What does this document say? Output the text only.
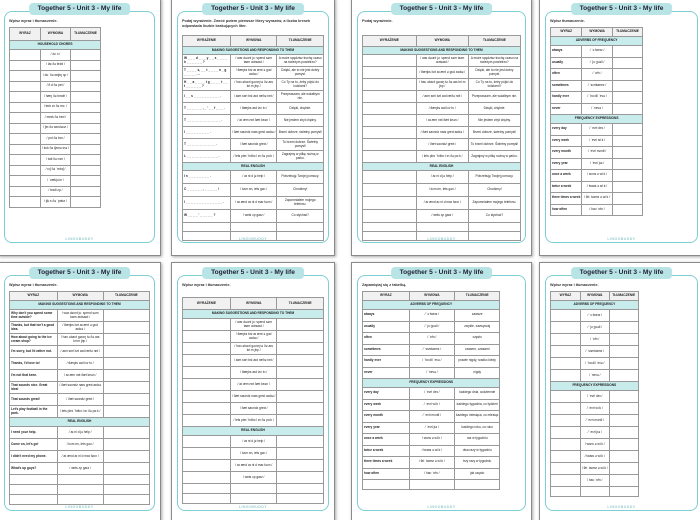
Together 5 - Unit 3 - My life
Wpisz wyraz i tłumaczenie.
WYRAZ	WYMOWA	TŁUMACZENIE
HOUSEHOLD CHORES		
	/ dʌ n /	
	/ laɪ ðə teɪbl /	
	/ duː ðə wɒʃɪŋ ʌp /	
	/ fiːd ðə pet /	
	/ hæŋ ðə lɒndri /	
	/ teɪk ɪn ðə mɔː /	
	/ meɪk ðə bed /	
	/ ʃeɪ ðə wɪndəʊz /	
	/ pʊt ðə bɪn /	
	/ kʊk ðə tʃʌmə ɪnə /	
	/ tɪdi ðə rʊm /	
	/ rʌʃ ðə ˈrɒbɪʃ /	
	/ ˈvækjuːm /	
	/ tɒɪdi ʌp /	
	/ tʃuːs ðə ˈpɒtɪz /	
LINGOBUDDY
Together 5 - Unit 3 - My life
Podaj wyrażenie. Zwróć potem pierwsze litery wyrazów, a liczba kresek odpowiada liczbie brakujących liter.
WYRAŻENIE	WYMOWA	TŁUMACZENIE
MAKING SUGGESTIONS AND RESPONDING TO THEM		
W _ _ _ d _ _ _ y _ _ s _ _ _ _ h _ _ _ _ _ _ ?	/ waɪ dəʊnt juː spend səm taɪm aʊtsaɪd /	A może spędzisz trochę czasu na świeżym powietrzu?
T _ _ _ _ s, _ _ t _ _ _ _ n _ g _ _ _ _ _ ...	/ θæŋks bʌt aɪ ænt ə gʊd aɪdɪə /	Dzięki, ale to nie jest dobry pomysł.
H _ _ a _ _ _ _ t g _ _ _ _ t _ _ t _ _ _ _ _ _ ?	/ haʊ əbaʊt gəʊɪŋ tə ðə aɪs kriːm ʃɒp /	Co Ty na to, żeby pójść do lodziarni?
I _ _ s _ _ _ _ _ _ _ _ _ _ .	/ aɪm sɒri bʌt aɪd ræðə nɒt /	Przepraszam, ale wolałbym nie.
T _ _ _ _ _ _ , _ ' _ _ f _ _ _ .	/ θæŋks aɪd lʌv tʊ /	Dzięki, chętnie.
T _ _ _ _ _ _ _ _ _ _ _ _ _ .	/ aɪ æm nɒt ðæt keən /	Nie jestem zbyt chętny.
I _ _ _ _ _ _ _ _ _ .	/ ðæt saʊndz naɪs greɪt aɪdɪə /	Brzmi dobrze, świetny pomysł!
T _ _ _ _ _ _ _ _ _ _ _ .	/ ðæt saʊndz greɪt /	To brzmi dobrze. Świetny pomysł!
L _ _ _ _ _ _ _ _ _ _ _ _ .	/ lets pleɪ ˈfʊtbɔːl ɪn ðə pɑːk /	Zagrajmy w piłkę nożną w parku.
REAL ENGLISH		
I n _ _ _ _ _ _ _ _ .	/ aɪ niːd jə help /	Potrzebuję Twojej pomocy.
C _ _ _ _ _ _ , _ _ _ _ _ !	/ kʌm ɒn, lets gəʊ /	Chodźmy!
I _ _ _ _ _ _ _ _ _ _ _ _ _ _ .	/ aɪ ænd aɪ niːd maɪ fəʊn /	Zapomniałem mojego telefonu.
W _ _ _ _ ' _ _ _ _ _ ?	/ wɒts ʌp gaɪz /	Co słychać?

LINGOBUDDY
Together 5 - Unit 3 - My life
Podaj wyrażenie.
WYRAŻENIE	WYMOWA	TŁUMACZENIE
MAKING SUGGESTIONS AND RESPONDING TO THEM		
	/ waɪ dəʊnt juː spend səm taɪm aʊtsaɪd /	A może spędzisz trochę czasu na świeżym powietrzu?
	/ θæŋks bʌt aɪ ænt ə gʊd aɪdɪə /	Dzięki, ale to nie jest dobry pomysł.
	/ haʊ əbaʊt gəʊɪŋ tə ðə aɪs kriːm ʃɒp /	Co Ty na to, żeby pójść do lodziarni?
	/ aɪm sɒri bʌt aɪd ræðə nɒt /	Przepraszam, ale wolałbym nie.
	/ θæŋks aɪd lʌv tʊ /	Dzięki, chętnie.
	/ aɪ æm nɒt ðæt keən /	Nie jestem zbyt chętny.
	/ ðæt saʊndz naɪs greɪt aɪdɪə /	Brzmi dobrze, świetny pomysł!
	/ ðæt saʊndz greɪt /	To brzmi dobrze. Świetny pomysł!
	/ lets pleɪ ˈfʊtbɔːl ɪn ðə pɑːk /	Zagrajmy w piłkę nożną w parku.
REAL ENGLISH		
	/ aɪ niːd jə help /	Potrzebuję Twojej pomocy.
	/ kʌm ɒn, lets gəʊ /	Chodźmy!
	/ aɪ ænd aɪ niːd maɪ fəʊn /	Zapomniałem mojego telefonu.
	/ wɒts ʌp gaɪz /	Co słychać?

LINGOBUDDY
Together 5 - Unit 3 - My life
Wpisz tłumaczenie.
WYRAZ	WYMOWA	TŁUMACZENIE
ADVERBS OF FREQUENCY		
always	/ ˈɔːlweɪz /	
usually	/ ˈjuːʒuəli /	
often	/ ˈɒfn /	
sometimes	/ ˈsʌmtaɪmz /	
hardly ever	/ ˈhɑːdli ˈevə /	
never	/ ˈnevə /	
FREQUENCY EXPRESSIONS		
every day	/ ˈevri deɪ /	
every week	/ ˈevri wiːk /	
every month	/ ˈevri mʌnθ /	
every year	/ ˈevri jɪə /	
once a week	/ wʌns ə wiːk /	
twice a week	/ twaɪs ə wiːk /	
three times a week	/ θriː taɪmz ə wiːk /	
how often	/ haʊ ˈɒfn /	
LINGOBUDDY
Together 5 - Unit 3 - My life
Wpisz wyraz i tłumaczenie.
WYRAZ	WYMOWA	TŁUMACZENIE
MAKING SUGGESTIONS AND RESPONDING TO THEM		
Why don't you spend some time outside?	/ waɪ dəʊnt juː spend səm taɪm aʊtsaɪd /	
Thanks, but that isn't a good idea.	/ θæŋks bʌt aɪ ænt ə gʊd aɪdɪə /	
How about going to the ice cream shop?	/ haʊ əbaʊt gəʊɪŋ tə ðə aɪs kriːm ʃɒp /	
I'm sorry, but I'd rather not.	/ aɪm sɒri bʌt aɪd ræðə nɒt /	
Thanks, I'd love to!	/ θæŋks aɪd lʌv tʊ /	
I'm not that keen.	/ aɪ æm nɒt ðæt keən /	
That sounds nice. Great idea!	/ ðæt saʊndz naɪs greɪt aɪdɪə /	
That sounds great!	/ ðæt saʊndz greɪt /	
Let's play football in the park.	/ lets pleɪ ˈfʊtbɔːl ɪn ðə pɑːk /	
REAL ENGLISH		
I need your help.	/ aɪ niːd jə help /	
Come on, let's go!	/ kʌm ɒn, lets gəʊ /	
I didn't need my phone.	/ aɪ ænd aɪ niːd maɪ fəʊn /	
What's up guys?	/ wɒts ʌp gaɪz /	

LINGOBUDDY
Together 5 - Unit 3 - My life
Wpisz wyraz i tłumaczenie.
WYRAŻENIE	WYMOWA	TŁUMACZENIE
MAKING SUGGESTIONS AND RESPONDING TO THEM		
	/ waɪ dəʊnt juː spend səm taɪm aʊtsaɪd /	
	/ θæŋks bʌt aɪ ænt ə gʊd aɪdɪə /	
	/ haʊ əbaʊt gəʊɪŋ tə ðə aɪs kriːm ʃɒp /	
	/ aɪm sɒri bʌt aɪd ræðə nɒt /	
	/ θæŋks aɪd lʌv tʊ /	
	/ aɪ æm nɒt ðæt keən /	
	/ ðæt saʊndz naɪs greɪt aɪdɪə /	
	/ ðæt saʊndz greɪt /	
	/ lets pleɪ ˈfʊtbɔːl ɪn ðə pɑːk /	
REAL ENGLISH		
	/ aɪ niːd jə help /	
	/ kʌm ɒn, lets gəʊ /	
	/ aɪ ænd aɪ niːd maɪ fəʊn /	
	/ wɒts ʌp gaɪz /	

LINGOBUDDY
Together 5 - Unit 3 - My life
Zapamiętaj się z tabelką.
WYRAZ	WYMOWA	TŁUMACZENIE
ADVERBS OF FREQUENCY		
always	/ ˈɔːlweɪz /	zawsze
usually	/ ˈjuːʒuəli /	zwykle, zazwyczaj
often	/ ˈɒfn /	często
sometimes	/ ˈsʌmtaɪmz /	czasem, czasami
hardly ever	/ ˈhɑːdli ˈevə /	prawie nigdy, rzadko kiedy
never	/ ˈnevə /	nigdy
FREQUENCY EXPRESSIONS		
every day	/ ˈevri deɪ /	każdego dnia, codziennie
every week	/ ˈevri wiːk /	każdego tygodnia, co tydzień
every month	/ ˈevri mʌnθ /	każdego miesiąca, co miesiąc
every year	/ ˈevri jɪə /	każdego roku, co roku
once a week	/ wʌns ə wiːk /	raz w tygodniu
twice a week	/ twaɪs ə wiːk /	dwa razy w tygodniu
three times a week	/ θriː taɪmz ə wiːk /	trzy razy w tygodniu
how often	/ haʊ ˈɒfn /	jak często

LINGOBUDDY
Together 5 - Unit 3 - My life
Wpisz wyraz i tłumaczenie.
WYRAZ	WYMOWA	TŁUMACZENIE
ADVERBS OF FREQUENCY		
	/ ˈɔːlweɪz /	
	/ ˈjuːʒuəli /	
	/ ˈɒfn /	
	/ ˈsʌmtaɪmz /	
	/ ˈhɑːdli ˈevə /	
	/ ˈnevə /	
FREQUENCY EXPRESSIONS		
	/ ˈevri deɪ /	
	/ ˈevri wiːk /	
	/ ˈevri mʌnθ /	
	/ ˈevri jɪə /	
	/ wʌns ə wiːk /	
	/ twaɪs ə wiːk /	
	/ θriː taɪmz ə wiːk /	
	/ haʊ ˈɒfn /	

LINGOBUDDY
